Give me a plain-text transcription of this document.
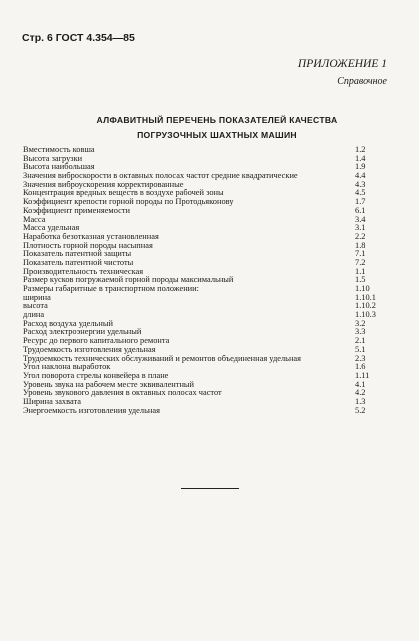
Стр. 6 ГОСТ 4.354—85
ПРИЛОЖЕНИЕ 1
Справочное
АЛФАВИТНЫЙ ПЕРЕЧЕНЬ ПОКАЗАТЕЛЕЙ КАЧЕСТВА
ПОГРУЗОЧНЫХ ШАХТНЫХ МАШИН
Вместимость ковша	1.2
Высота загрузки	1.4
Высота наибольшая	1.9
Значения виброскорости в октавных полосах частот средние квадратические	4.4
Значения виброускорения корректированные	4.3
Концентрация вредных веществ в воздухе рабочей зоны	4.5
Коэффициент крепости горной породы по Протодьяконову	1.7
Коэффициент применяемости	6.1
Масса	3.4
Масса удельная	3.1
Наработка безотказная установленная	2.2
Плотность горной породы насыпная	1.8
Показатель патентной защиты	7.1
Показатель патентной чистоты	7.2
Производительность техническая	1.1
Размер кусков погружаемой горной породы максимальный	1.5
Размеры габаритные в транспортном положении:	1.10
ширина	1.10.1
высота	1.10.2
длина	1.10.3
Расход воздуха удельный	3.2
Расход электроэнергии удельный	3.3
Ресурс до первого капитального ремонта	2.1
Трудоемкость изготовления удельная	5.1
Трудоемкость технических обслуживаний и ремонтов объединенная удельная	2.3
Угол наклона выработок	1.6
Угол поворота стрелы конвейера в плане	1.11
Уровень звука на рабочем месте эквивалентный	4.1
Уровень звукового давления в октавных полосах частот	4.2
Ширина захвата	1.3
Энергоемкость изготовления удельная	5.2
